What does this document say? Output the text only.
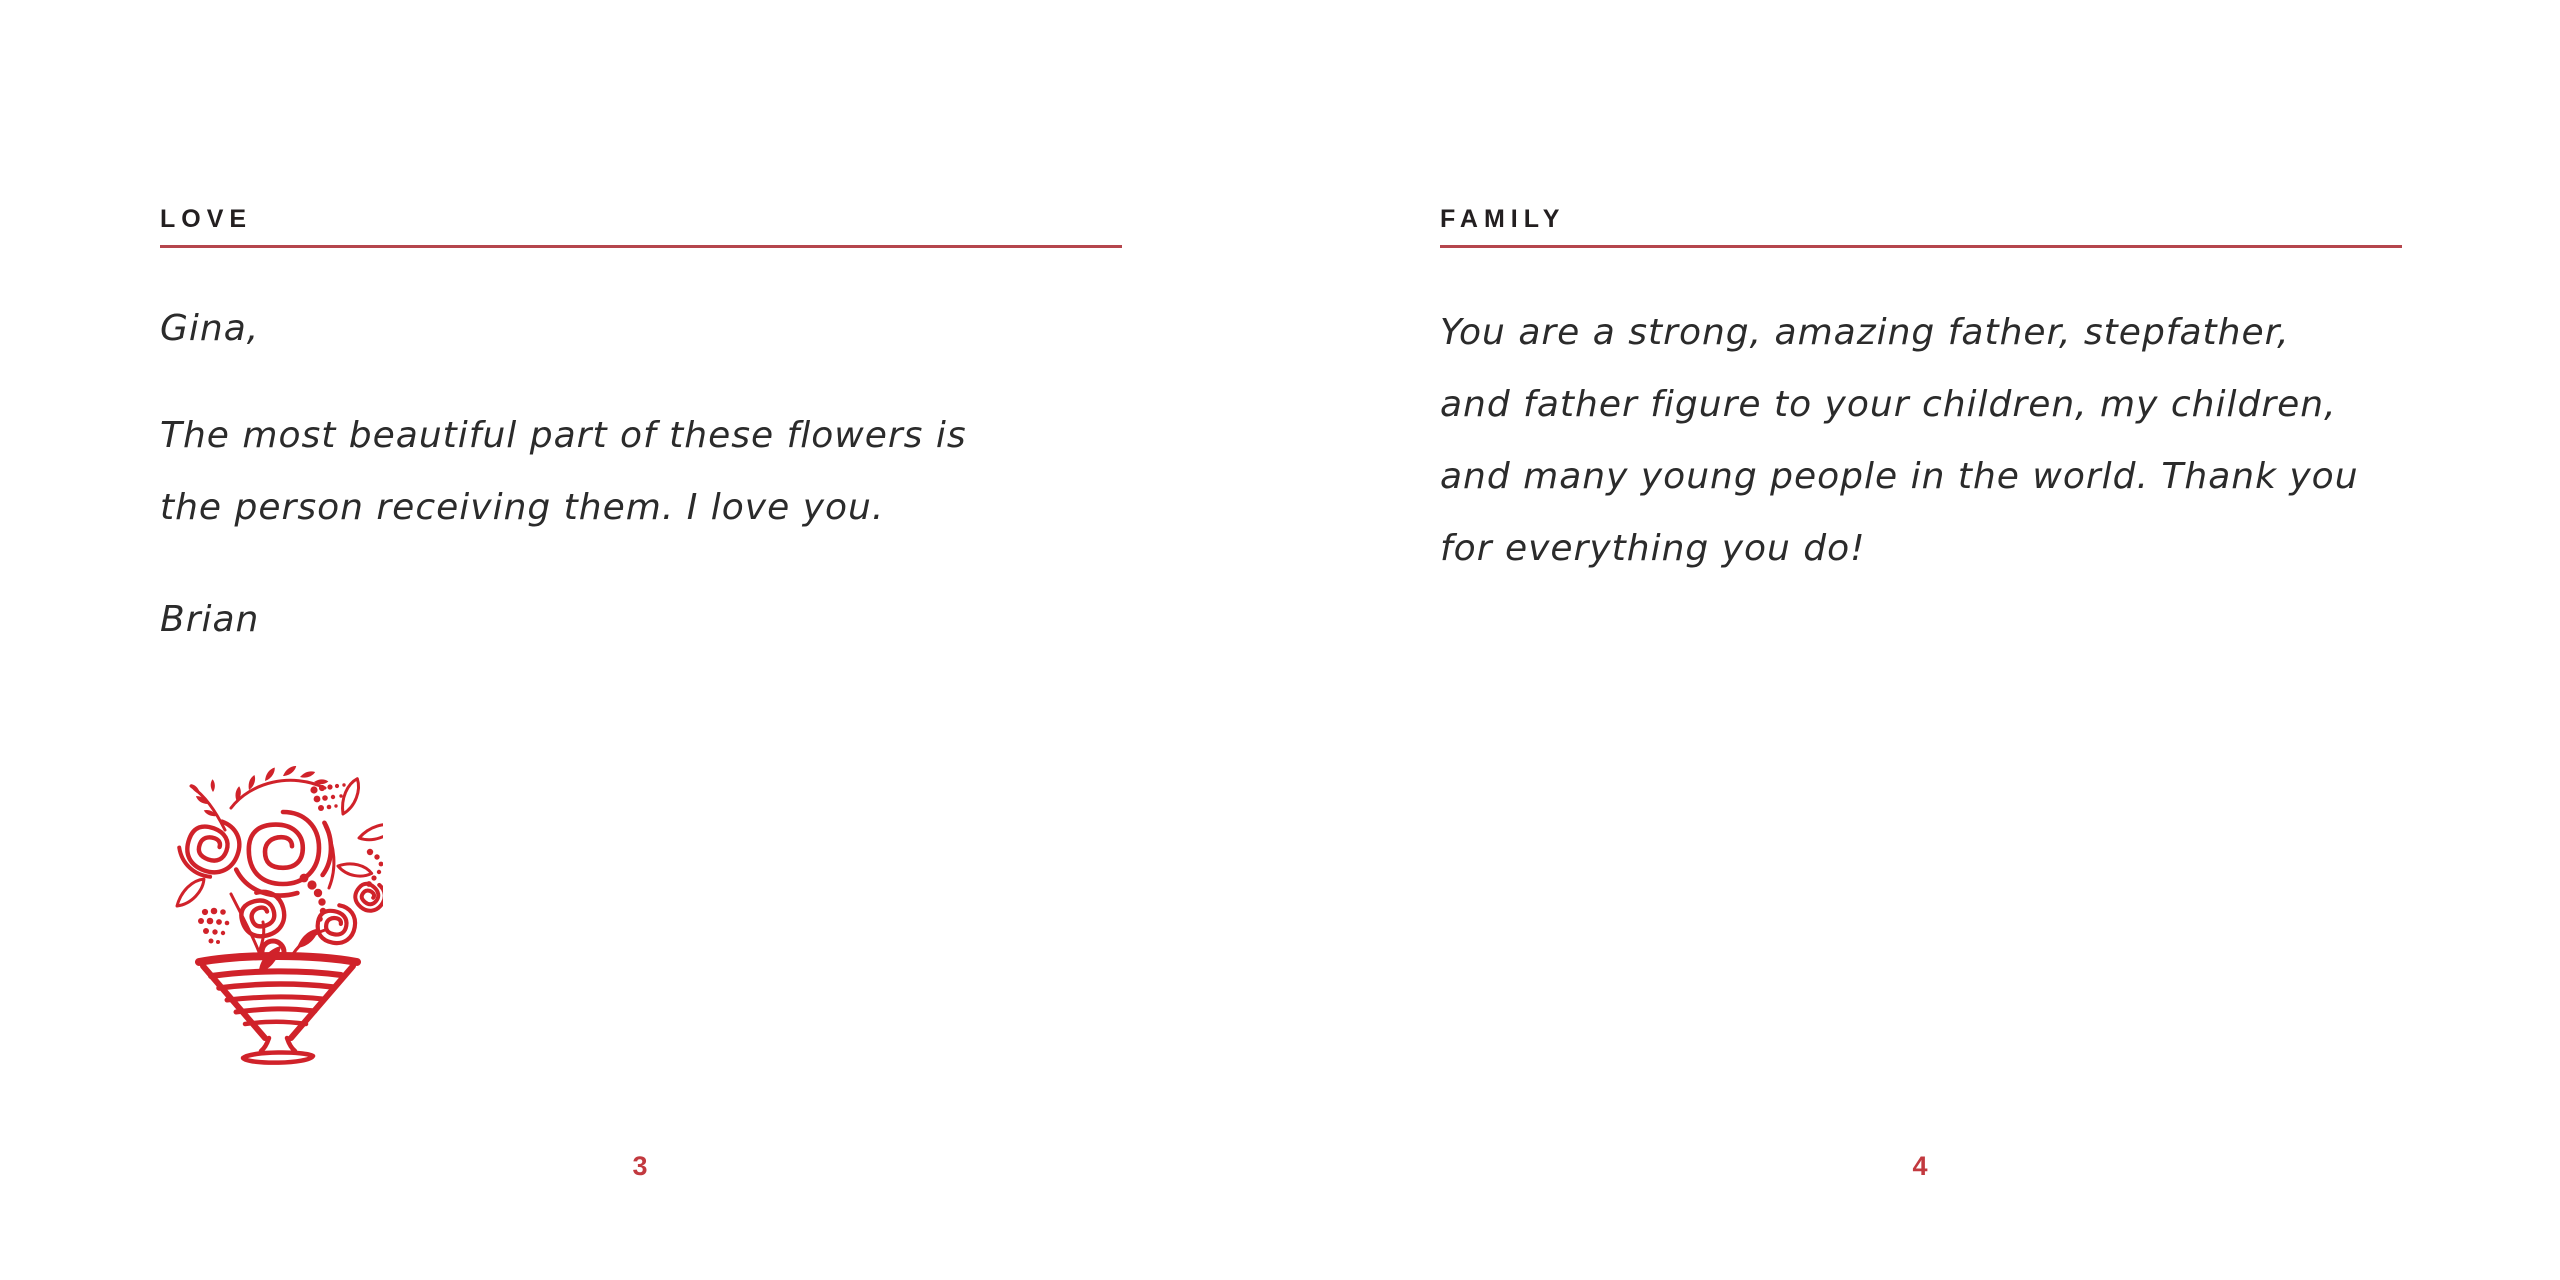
LOVE
Gina,
The most beautiful part of these flowers is
the person receiving them. I love you.
Brian
3
FAMILY
You are a strong, amazing father, stepfather,
and father figure to your children, my children,
and many young people in the world. Thank you
for everything you do!
4
